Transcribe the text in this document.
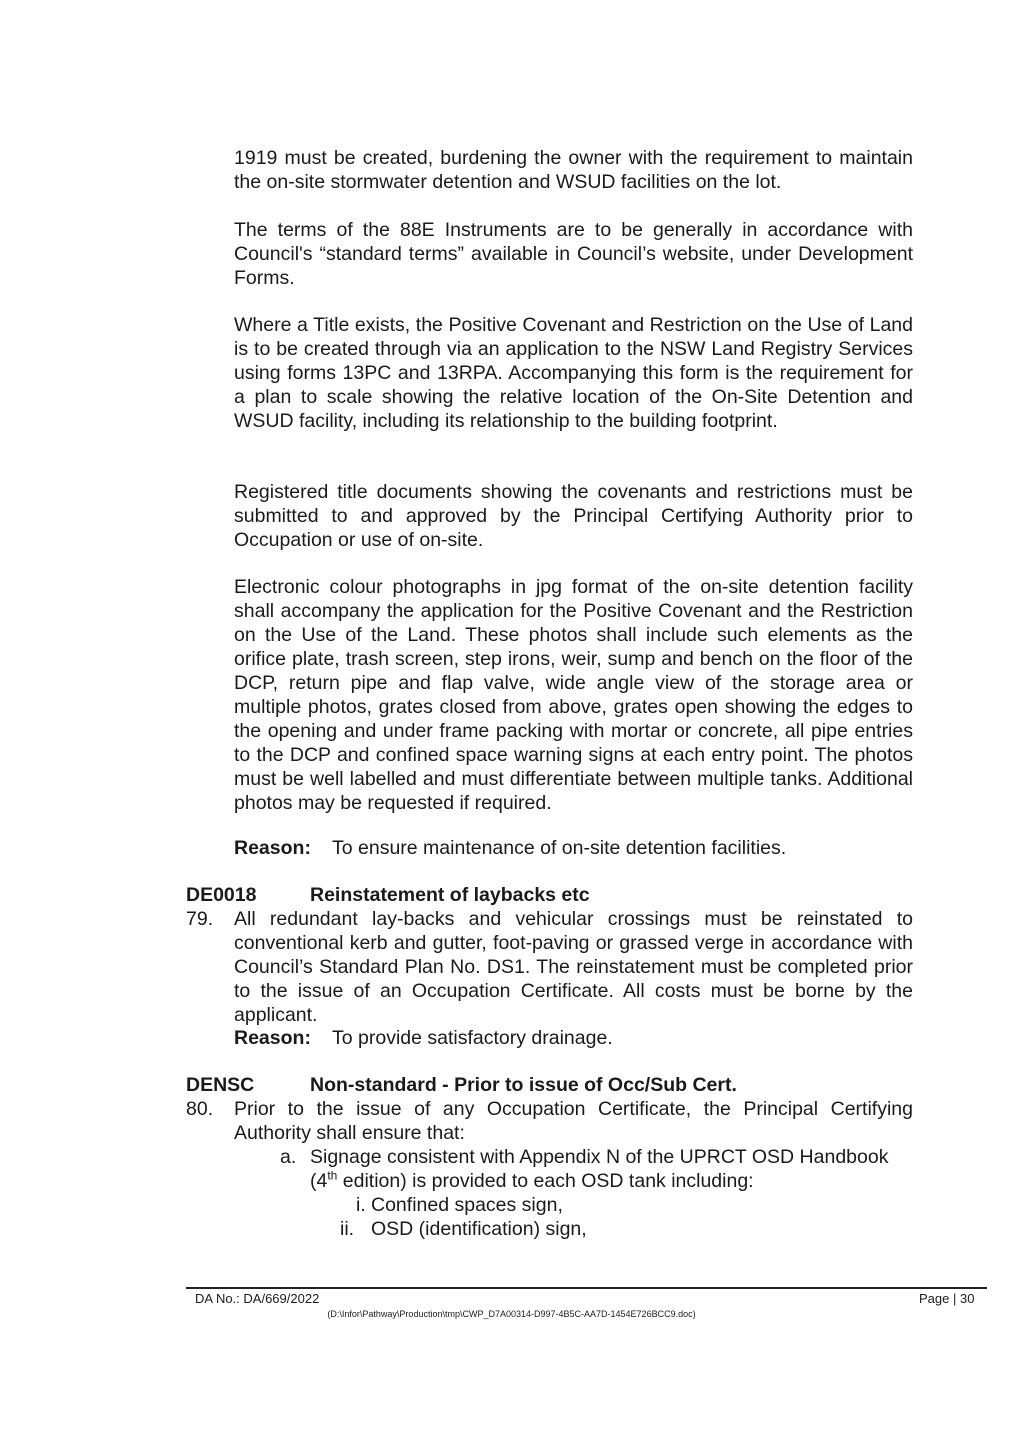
1919 must be created, burdening the owner with the requirement to maintain the on-site stormwater detention and WSUD facilities on the lot.

The terms of the 88E Instruments are to be generally in accordance with Council's “standard terms” available in Council’s website, under Development Forms.

Where a Title exists, the Positive Covenant and Restriction on the Use of Land is to be created through via an application to the NSW Land Registry Services using forms 13PC and 13RPA. Accompanying this form is the requirement for a plan to scale showing the relative location of the On-Site Detention and WSUD facility, including its relationship to the building footprint.

Registered title documents showing the covenants and restrictions must be submitted to and approved by the Principal Certifying Authority prior to Occupation or use of on-site.

Electronic colour photographs in jpg format of the on-site detention facility shall accompany the application for the Positive Covenant and the Restriction on the Use of the Land. These photos shall include such elements as the orifice plate, trash screen, step irons, weir, sump and bench on the floor of the DCP, return pipe and flap valve, wide angle view of the storage area or multiple photos, grates closed from above, grates open showing the edges to the opening and under frame packing with mortar or concrete, all pipe entries to the DCP and confined space warning signs at each entry point. The photos must be well labelled and must differentiate between multiple tanks. Additional photos may be requested if required.

Reason: To ensure maintenance of on-site detention facilities.

DE0018	Reinstatement of laybacks etc

79. All redundant lay-backs and vehicular crossings must be reinstated to conventional kerb and gutter, foot-paving or grassed verge in accordance with Council’s Standard Plan No. DS1. The reinstatement must be completed prior to the issue of an Occupation Certificate. All costs must be borne by the applicant.

Reason: To provide satisfactory drainage.

DENSC	Non-standard - Prior to issue of Occ/Sub Cert.

80. Prior to the issue of any Occupation Certificate, the Principal Certifying Authority shall ensure that:

a. Signage consistent with Appendix N of the UPRCT OSD Handbook
(4th edition) is provided to each OSD tank including:
i. Confined spaces sign,
ii. OSD (identification) sign,
DA No.: DA/669/2022	Page | 30
(D:\Infor\Pathway\Production\tmp\CWP_D7A00314-D997-4B5C-AA7D-1454E726BCC9.doc)
